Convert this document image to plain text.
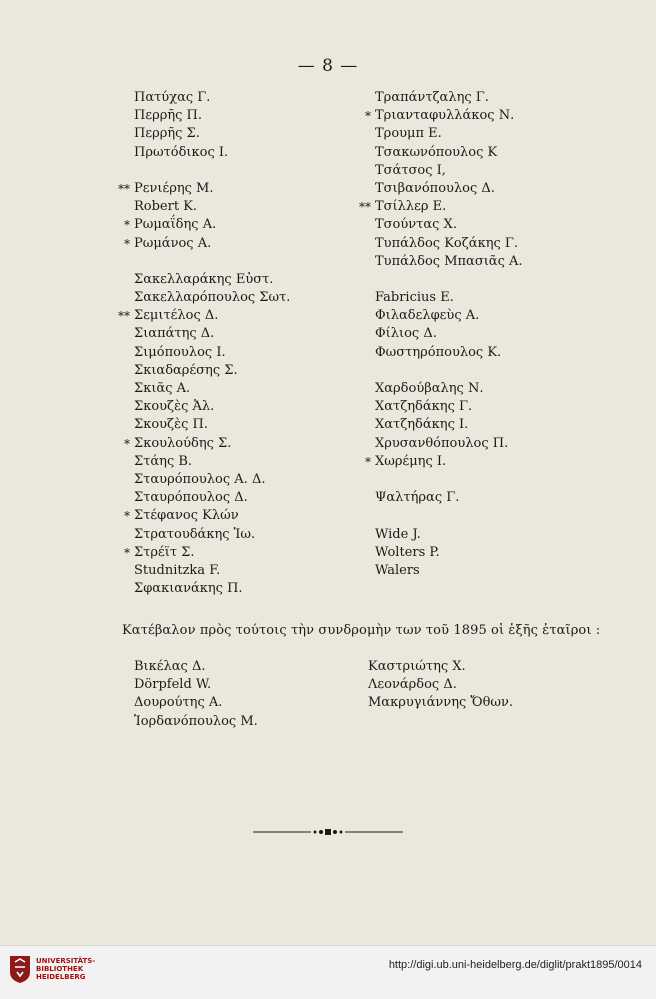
— 8 —
Πατύχας Γ.
Περρῆς Π.
Περρῆς Σ.
Πρωτόδικος Ι.
** Ρενιέρης Μ.
Robert K.
* Ρωμαΐδης Α.
* Ρωμάνος Α.
Σακελλαράκης Εὐστ.
Σακελλαρόπουλος Σωτ.
** Σεμιτέλος Δ.
Σιαπάτης Δ.
Σιμόπουλος Ι.
Σκιαδαρέσης Σ.
Σκιᾶς Α.
Σκουζὲς Ἀλ.
Σκουζὲς Π.
* Σκουλούδης Σ.
Στάης Β.
Σταυρόπουλος Α. Δ.
Σταυρόπουλος Δ.
* Στέφανος Κλών
Στρατουδάκης Ἰω.
* Στρέϊτ Σ.
Studnitzka F.
Σφακιανάκης Π.
Τραπάντζαλης Γ.
* Τριανταφυλλάκος Ν.
Τρουμπ Ε.
Τσακωνόπουλος Κ
Τσάτσος Ι,
Τσιβανόπουλος Δ.
** Τσίλλερ Ε.
Τσούντας Χ.
Τυπάλδος Κοζάκης Γ.
Τυπάλδος Μπασιᾶς Α.
Fabricius E.
Φιλαδελφεὺς Α.
Φίλιος Δ.
Φωστηρόπουλος Κ.
Χαρδούβαλης Ν.
Χατζηδάκης Γ.
Χατζηδάκης Ι.
Χρυσανθόπουλος Π.
* Χωρέμης Ι.
Ψαλτήρας Γ.
Wide J.
Wolters P.
Walers
Κατέβαλον πρὸς τούτοις τὴν συνδρομὴν των τοῦ 1895 οἱ ἑξῆς ἑταῖροι :
Βικέλας Δ.
Dörpfeld W.
Δουρούτης Α.
Ἰορδανόπουλος Μ.
Καστριώτης Χ.
Λεονάρδος Δ.
Μακρυγιάννης Ὄθων.
UNIVERSITÄTS-
BIBLIOTHEK
HEIDELBERG
http://digi.ub.uni-heidelberg.de/diglit/prakt1895/0014
